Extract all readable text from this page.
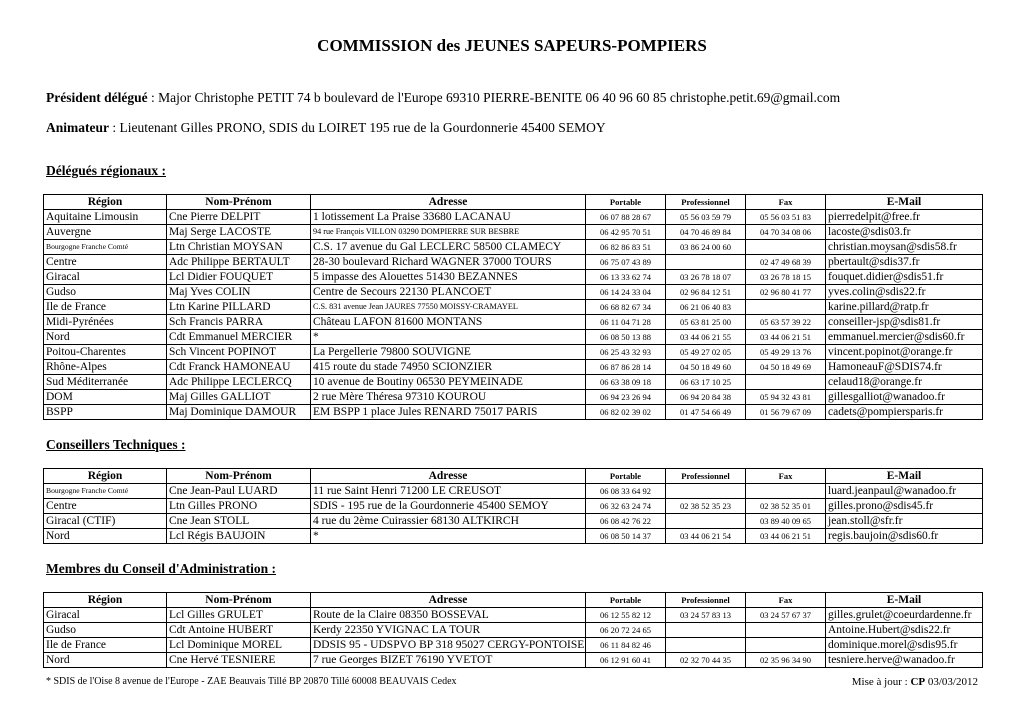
COMMISSION des JEUNES SAPEURS-POMPIERS
Président délégué : Major Christophe PETIT 74 b boulevard de l'Europe 69310 PIERRE-BENITE 06 40 96 60 85 christophe.petit.69@gmail.com
Animateur : Lieutenant Gilles PRONO, SDIS du LOIRET 195 rue de la Gourdonnerie 45400 SEMOY
Délégués régionaux :
Région	Nom-Prénom	Adresse	Portable	Professionnel	Fax	E-Mail
Aquitaine Limousin	Cne Pierre DELPIT	1 lotissement La Praise 33680 LACANAU	06 07 88 28 67	05 56 03 59 79	05 56 03 51 83	pierredelpit@free.fr
Auvergne	Maj Serge LACOSTE	94 rue François VILLON 03290 DOMPIERRE SUR BESBRE	06 42 95 70 51	04 70 46 89 84	04 70 34 08 06	lacoste@sdis03.fr
Bourgogne Franche Comté	Ltn Christian MOYSAN	C.S. 17 avenue du Gal LECLERC 58500 CLAMECY	06 82 86 83 51	03 86 24 00 60		christian.moysan@sdis58.fr
Centre	Adc Philippe BERTAULT	28-30 boulevard Richard WAGNER 37000 TOURS	06 75 07 43 89		02 47 49 68 39	pbertault@sdis37.fr
Giracal	Lcl Didier FOUQUET	5 impasse des Alouettes 51430 BEZANNES	06 13 33 62 74	03 26 78 18 07	03 26 78 18 15	fouquet.didier@sdis51.fr
Gudso	Maj Yves COLIN	Centre de Secours 22130 PLANCOET	06 14 24 33 04	02 96 84 12 51	02 96 80 41 77	yves.colin@sdis22.fr
Ile de France	Ltn Karine PILLARD	C.S. 831 avenue Jean JAURES 77550 MOISSY-CRAMAYEL	06 68 82 67 34	06 21 06 40 83		karine.pillard@ratp.fr
Midi-Pyrénées	Sch Francis PARRA	Château LAFON 81600 MONTANS	06 11 04 71 28	05 63 81 25 00	05 63 57 39 22	conseiller-jsp@sdis81.fr
Nord	Cdt Emmanuel MERCIER	*	06 08 50 13 88	03 44 06 21 55	03 44 06 21 51	emmanuel.mercier@sdis60.fr
Poitou-Charentes	Sch Vincent POPINOT	La Pergellerie 79800 SOUVIGNE	06 25 43 32 93	05 49 27 02 05	05 49 29 13 76	vincent.popinot@orange.fr
Rhône-Alpes	Cdt Franck HAMONEAU	415 route du stade 74950 SCIONZIER	06 87 86 28 14	04 50 18 49 60	04 50 18 49 69	HamoneauF@SDIS74.fr
Sud Méditerranée	Adc Philippe LECLERCQ	10 avenue de Boutiny 06530 PEYMEINADE	06 63 38 09 18	06 63 17 10 25		celaud18@orange.fr
DOM	Maj Gilles GALLIOT	2 rue Mère Théresa 97310 KOUROU	06 94 23 26 94	06 94 20 84 38	05 94 32 43 81	gillesgalliot@wanadoo.fr
BSPP	Maj Dominique DAMOUR	EM BSPP 1 place Jules RENARD 75017 PARIS	06 82 02 39 02	01 47 54 66 49	01 56 79 67 09	cadets@pompiersparis.fr
Conseillers Techniques :
Région	Nom-Prénom	Adresse	Portable	Professionnel	Fax	E-Mail
Bourgogne Franche Comté	Cne Jean-Paul LUARD	11 rue Saint Henri 71200 LE CREUSOT	06 08 33 64 92			luard.jeanpaul@wanadoo.fr
Centre	Ltn Gilles PRONO	SDIS - 195 rue de la Gourdonnerie 45400 SEMOY	06 32 63 24 74	02 38 52 35 23	02 38 52 35 01	gilles.prono@sdis45.fr
Giracal (CTIF)	Cne Jean STOLL	4 rue du 2ème Cuirassier 68130 ALTKIRCH	06 08 42 76 22		03 89 40 09 65	jean.stoll@sfr.fr
Nord	Lcl Régis BAUJOIN	*	06 08 50 14 37	03 44 06 21 54	03 44 06 21 51	regis.baujoin@sdis60.fr
Membres du Conseil d'Administration :
Région	Nom-Prénom	Adresse	Portable	Professionnel	Fax	E-Mail
Giracal	Lcl Gilles GRULET	Route de la Claire 08350 BOSSEVAL	06 12 55 82 12	03 24 57 83 13	03 24 57 67 37	gilles.grulet@coeurdardenne.fr
Gudso	Cdt Antoine HUBERT	Kerdy 22350 YVIGNAC LA TOUR	06 20 72 24 65			Antoine.Hubert@sdis22.fr
Ile de France	Lcl Dominique MOREL	DDSIS 95 - UDSPVO BP 318 95027 CERGY-PONTOISE	06 11 84 82 46			dominique.morel@sdis95.fr
Nord	Cne Hervé TESNIERE	7 rue Georges BIZET 76190 YVETOT	06 12 91 60 41	02 32 70 44 35	02 35 96 34 90	tesniere.herve@wanadoo.fr
* SDIS de l'Oise 8 avenue de l'Europe - ZAE Beauvais Tillé BP 20870 Tillé 60008 BEAUVAIS Cedex	Mise à jour : CP 03/03/2012
